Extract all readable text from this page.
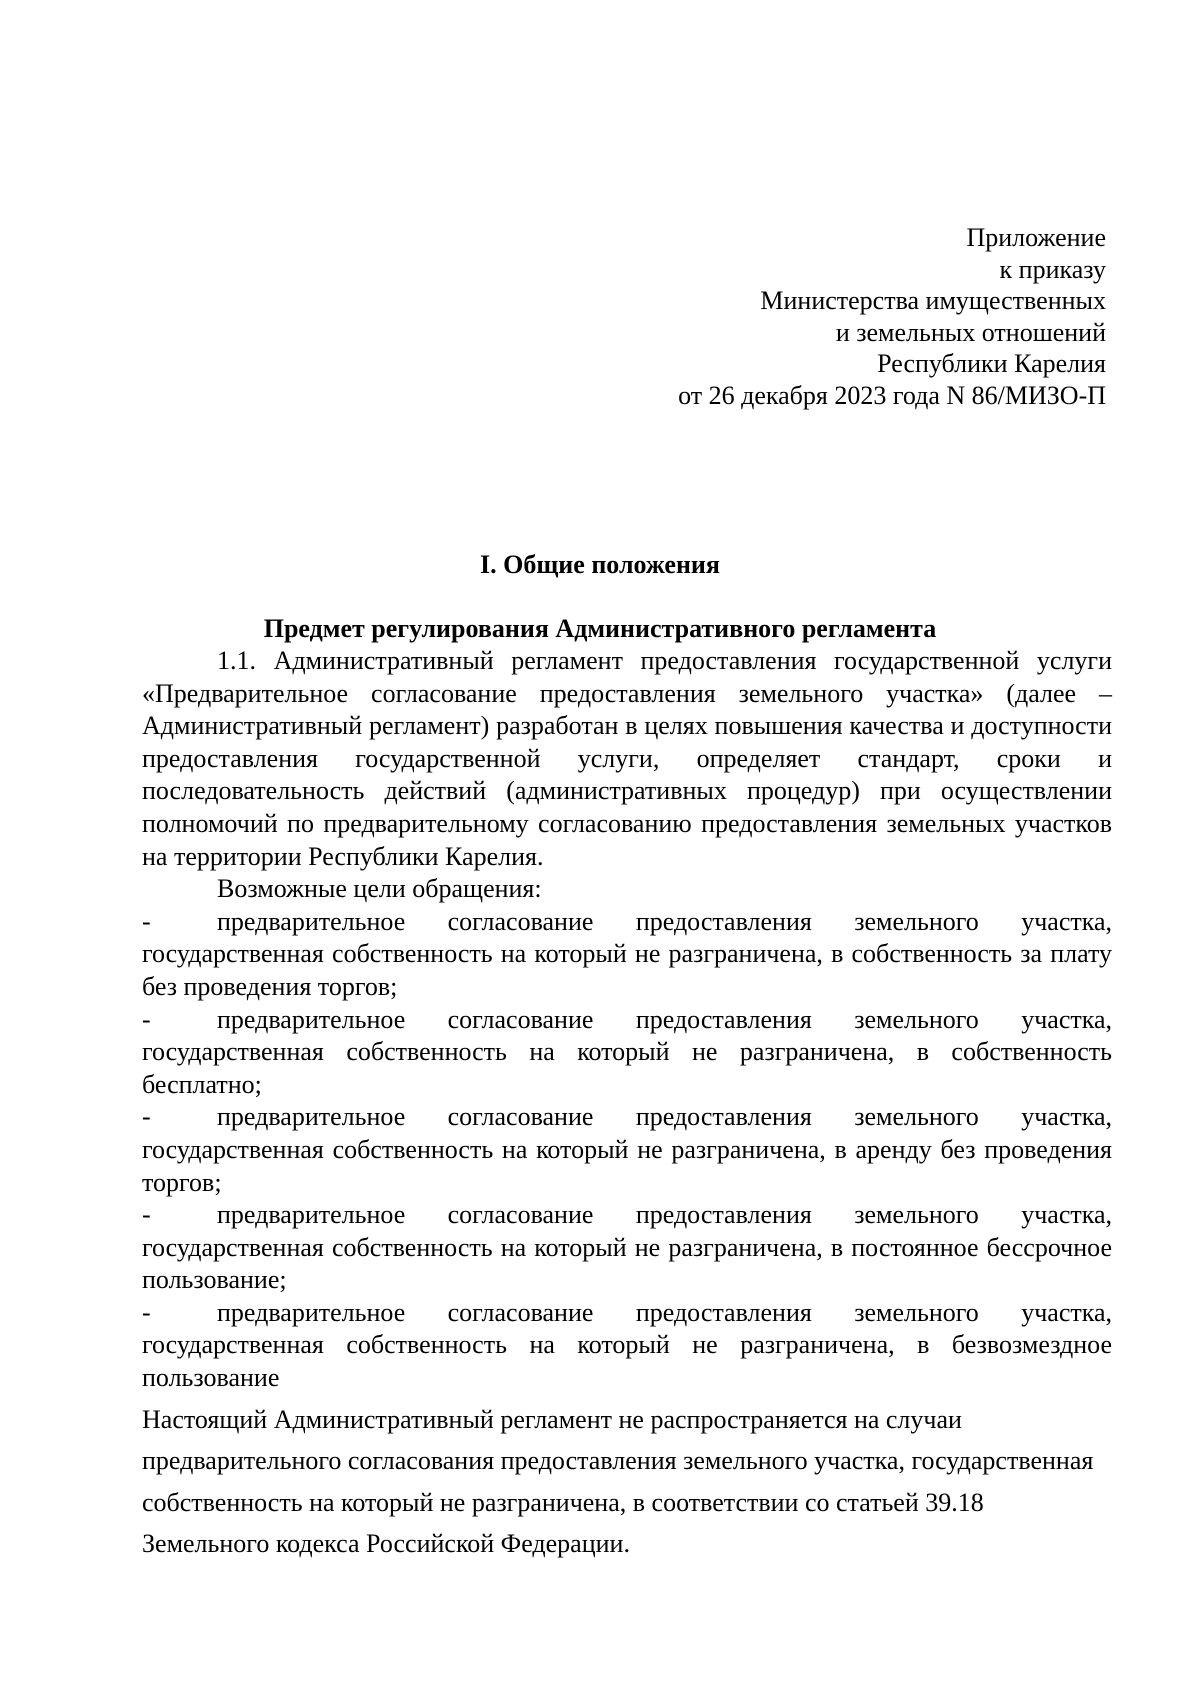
Приложение
к приказу
Министерства имущественных
и земельных отношений
Республики Карелия
от 26 декабря 2023 года N 86/МИЗО-П
I. Общие положения
Предмет регулирования Административного регламента

1.1. Административный регламент предоставления государственной услуги «Предварительное согласование предоставления земельного участка» (далее – Административный регламент) разработан в целях повышения качества и доступности предоставления государственной услуги, определяет стандарт, сроки и последовательность действий (административных процедур) при осуществлении полномочий по предварительному согласованию предоставления земельных участков на территории Республики Карелия.

Возможные цели обращения:

-	предварительное согласование предоставления земельного участка, государственная собственность на который не разграничена, в собственность за плату без проведения торгов;

-	предварительное согласование предоставления земельного участка, государственная собственность на который не разграничена, в собственность бесплатно;

-	предварительное согласование предоставления земельного участка, государственная собственность на который не разграничена, в аренду без проведения торгов;

-	предварительное согласование предоставления земельного участка, государственная собственность на который не разграничена, в постоянное бессрочное пользование;

-	предварительное согласование предоставления земельного участка, государственная собственность на который не разграничена, в безвозмездное пользование

Настоящий Административный регламент не распространяется на случаи предварительного согласования предоставления земельного участка, государственная собственность на который не разграничена, в соответствии со статьей 39.18 Земельного кодекса Российской Федерации.
